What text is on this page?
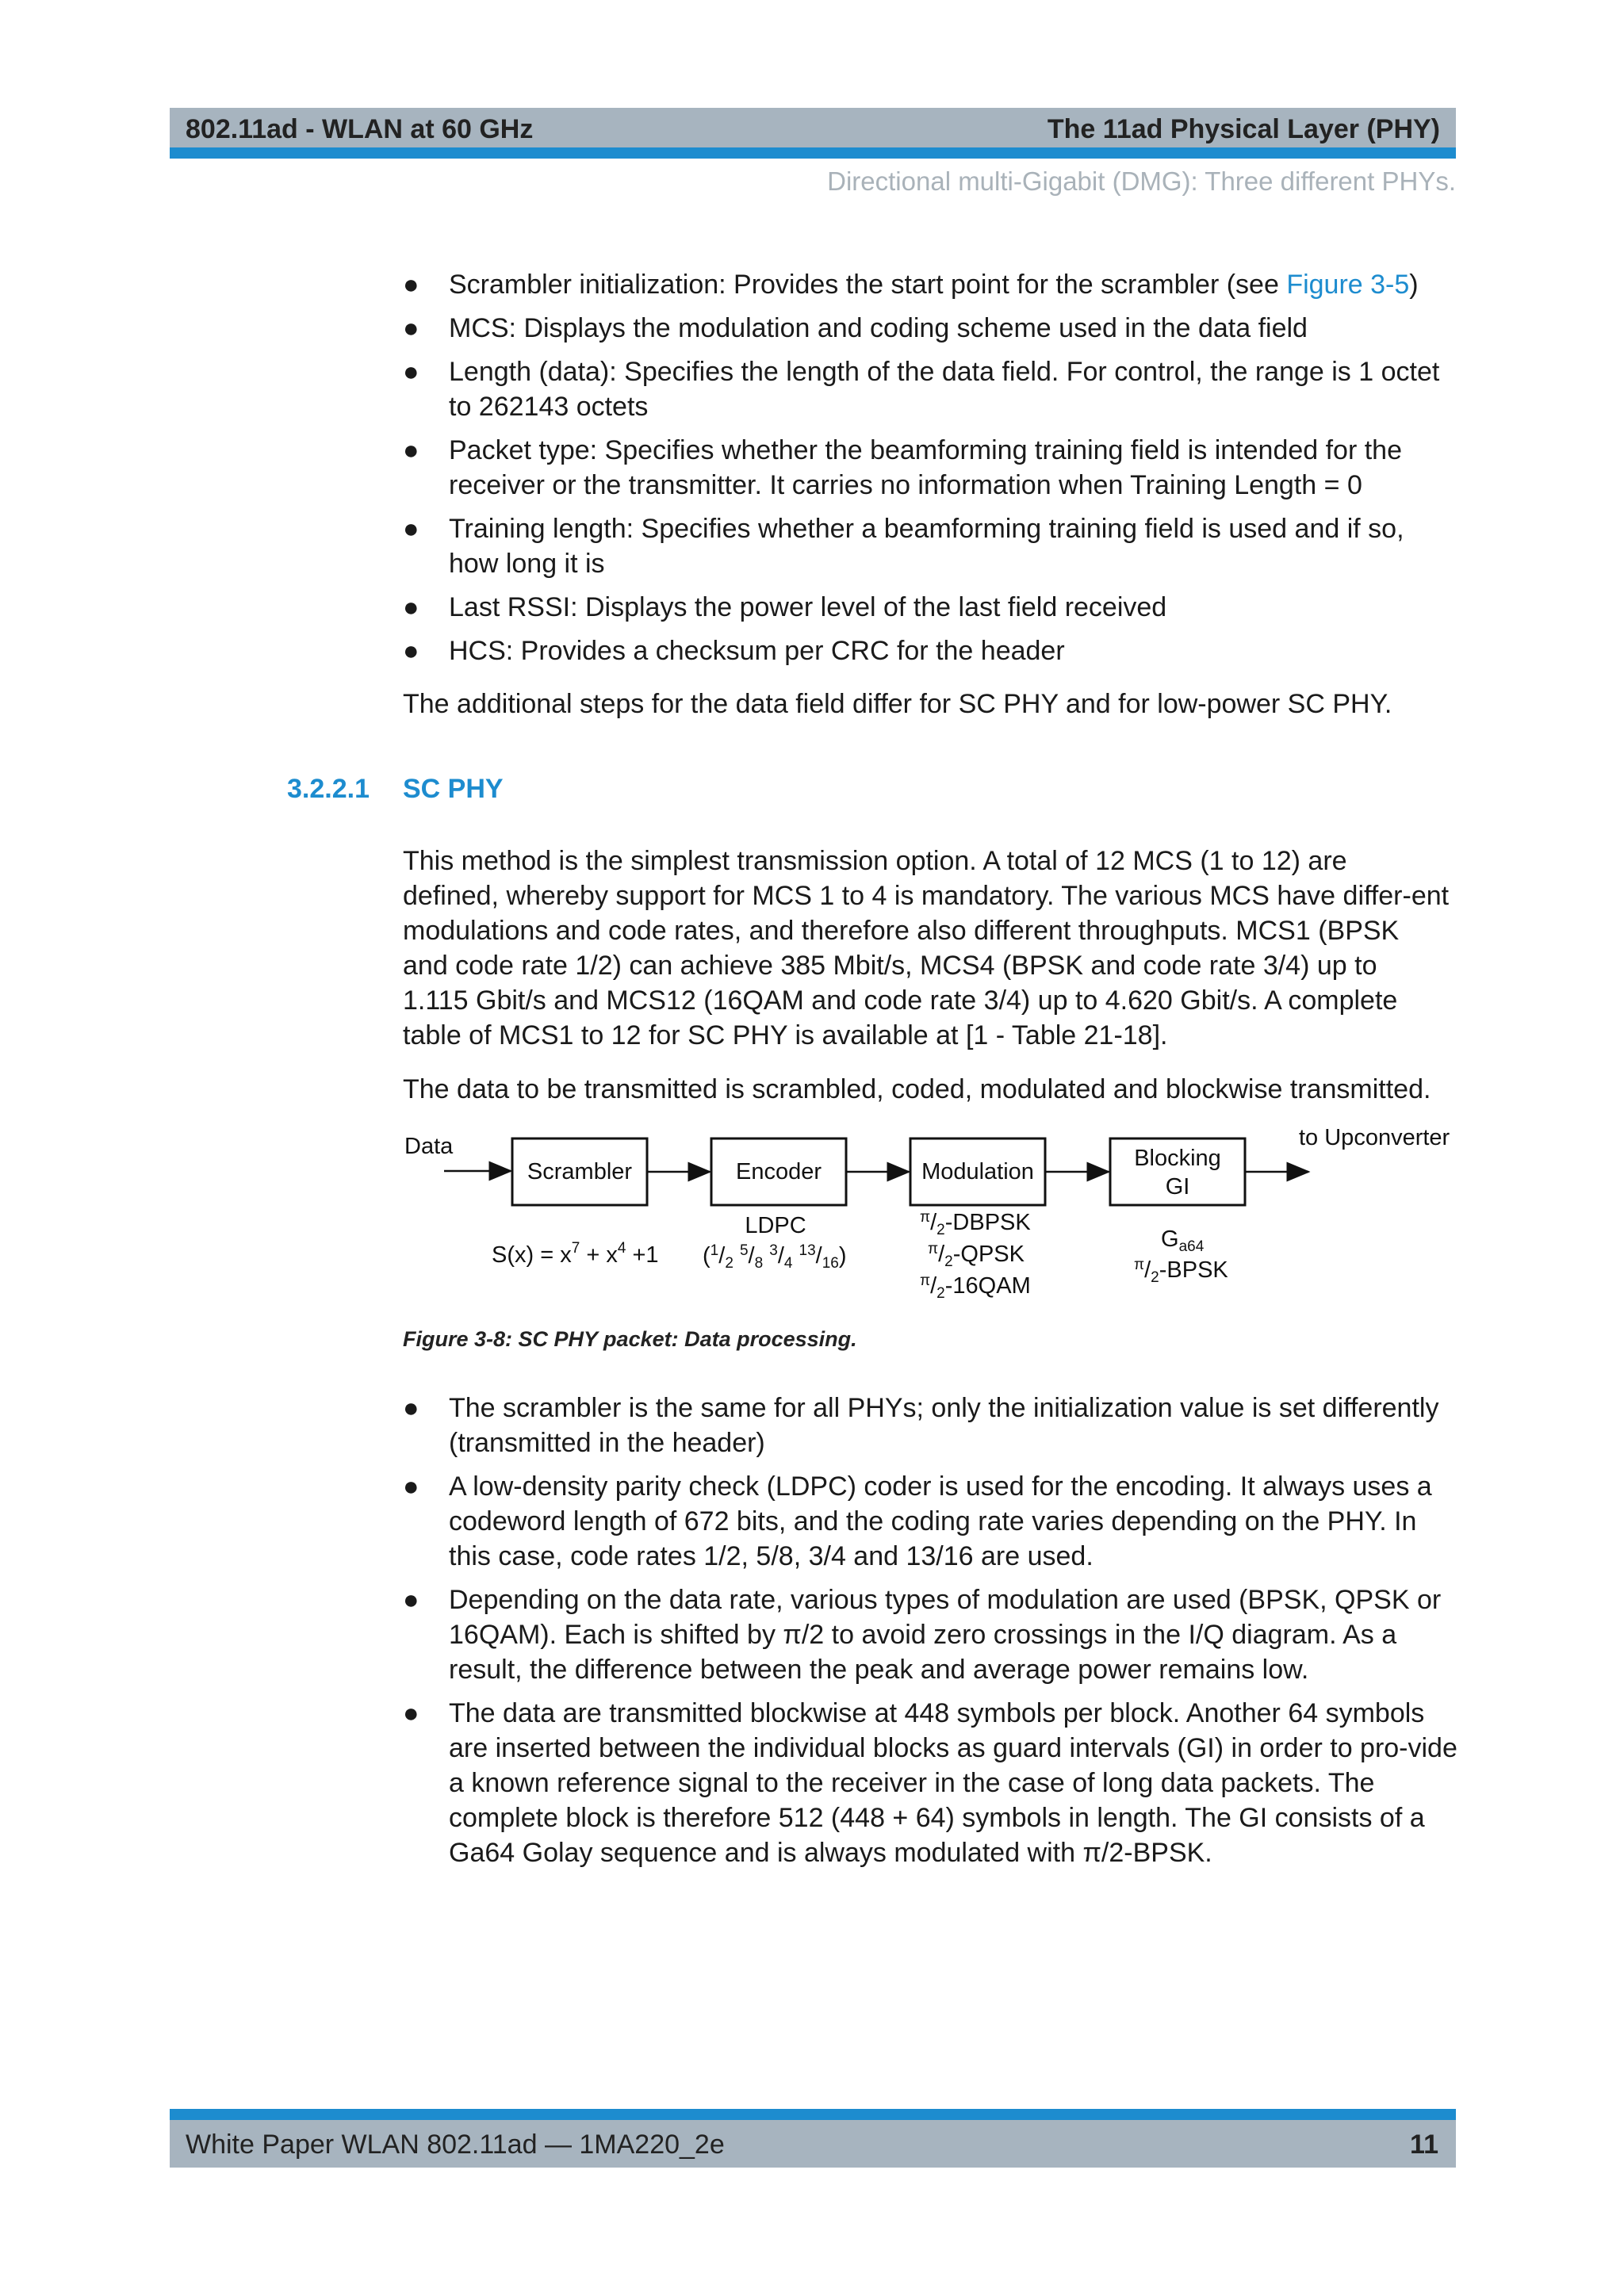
802.11ad - WLAN at 60 GHz	The 11ad Physical Layer (PHY)
Directional multi-Gigabit (DMG): Three different PHYs.
●	Scrambler initialization: Provides the start point for the scrambler (see Figure 3-5)
●	MCS: Displays the modulation and coding scheme used in the data field
●	Length (data): Specifies the length of the data field. For control, the range is 1 octet to 262143 octets
●	Packet type: Specifies whether the beamforming training field is intended for the receiver or the transmitter. It carries no information when Training Length = 0
●	Training length: Specifies whether a beamforming training field is used and if so, how long it is
●	Last RSSI: Displays the power level of the last field received
●	HCS: Provides a checksum per CRC for the header
The additional steps for the data field differ for SC PHY and for low-power SC PHY.
3.2.2.1 SC PHY
This method is the simplest transmission option. A total of 12 MCS (1 to 12) are defined, whereby support for MCS 1 to 4 is mandatory. The various MCS have differ-ent modulations and code rates, and therefore also different throughputs. MCS1 (BPSK and code rate 1/2) can achieve 385 Mbit/s, MCS4 (BPSK and code rate 3/4) up to 1.115 Gbit/s and MCS12 (16QAM and code rate 3/4) up to 4.620 Gbit/s. A complete table of MCS1 to 12 for SC PHY is available at [1 - Table 21-18].
The data to be transmitted is scrambled, coded, modulated and blockwise transmitted.
Data
Scrambler	Encoder	Modulation
Blocking
GI
to Upconverter
$S(x) = x^7 + x^4 +1$
LDPC
($^1/_2$ $^5/_8$ $^3/_4$ $^{13}/_{16}$)
$^\pi/_2$-DBPSK
$^\pi/_2$-QPSK
$^\pi/_2-16QAM$
$G_{a64}$
$^\pi/_2$-BPSK
Figure 3-8: SC PHY packet: Data processing.
●	The scrambler is the same for all PHYs; only the initialization value is set differently (transmitted in the header)
●	A low-density parity check (LDPC) coder is used for the encoding. It always uses a codeword length of 672 bits, and the coding rate varies depending on the PHY. In this case, code rates 1/2, 5/8, 3/4 and 13/16 are used.
●	Depending on the data rate, various types of modulation are used (BPSK, QPSK or 16QAM). Each is shifted by π/2 to avoid zero crossings in the I/Q diagram. As a result, the difference between the peak and average power remains low.
●	The data are transmitted blockwise at 448 symbols per block. Another 64 symbols are inserted between the individual blocks as guard intervals (GI) in order to pro-vide a known reference signal to the receiver in the case of long data packets. The complete block is therefore 512 (448 + 64) symbols in length. The GI consists of a Ga64 Golay sequence and is always modulated with π/2-BPSK.
White Paper WLAN 802.11ad — 1MA220_2e	11
